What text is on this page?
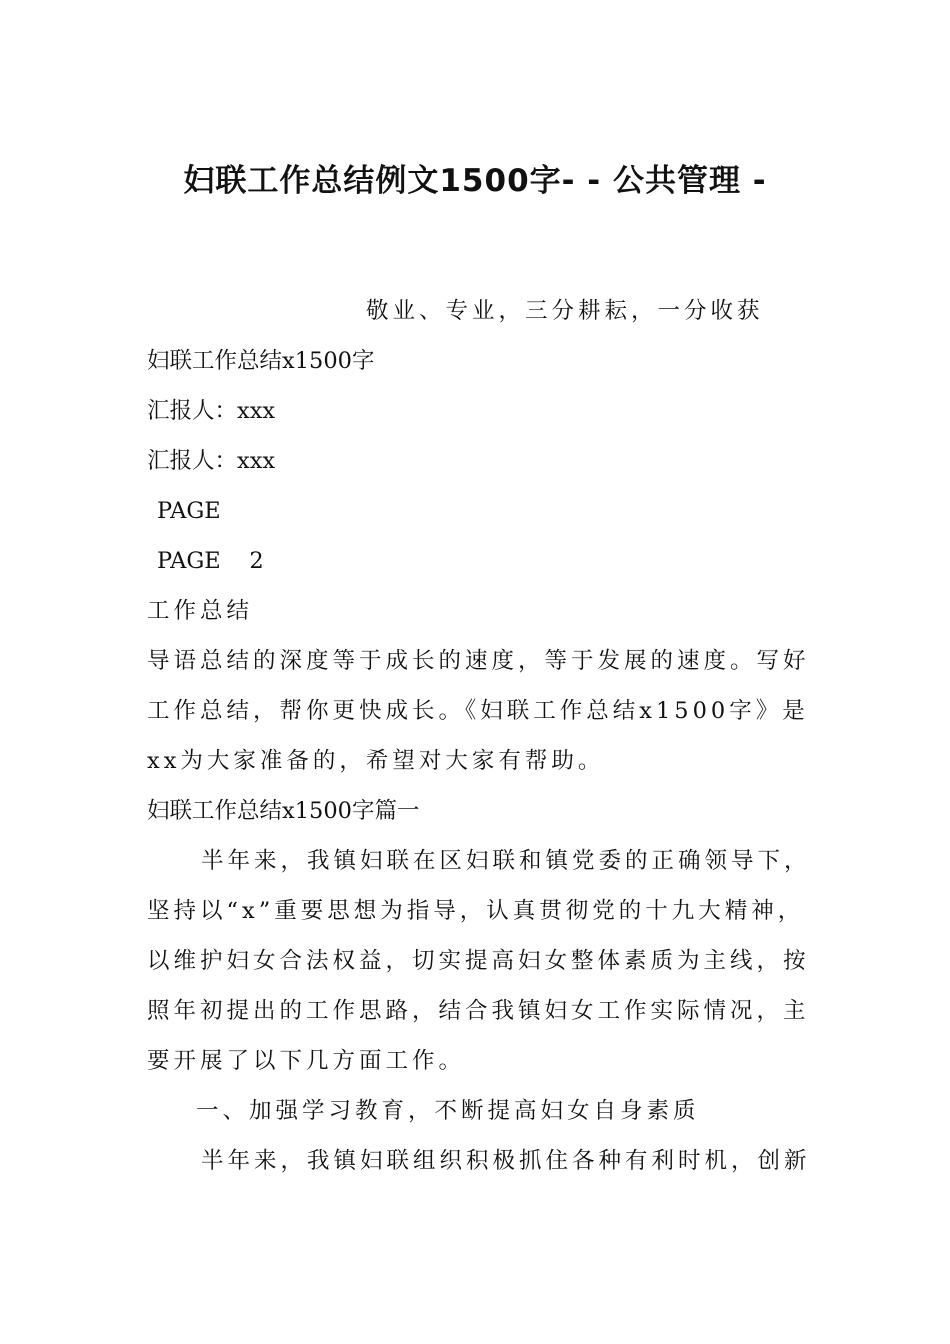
妇联工作总结例文1500字- - 公共管理 -

敬业、专业，三分耕耘，一分收获

妇联工作总结x1500字

汇报人：xxx

汇报人：xxx

PAGE

PAGE    2

工作总结

导语总结的深度等于成长的速度，等于发展的速度。写好

工作总结，帮你更快成长。《妇联工作总结x1500字》是

xx为大家准备的，希望对大家有帮助。

妇联工作总结x1500字篇一

半年来，我镇妇联在区妇联和镇党委的正确领导下，

坚持以“x”重要思想为指导，认真贯彻党的十九大精神，

以维护妇女合法权益，切实提高妇女整体素质为主线，按

照年初提出的工作思路，结合我镇妇女工作实际情况，主

要开展了以下几方面工作。

一、加强学习教育，不断提高妇女自身素质

半年来，我镇妇联组织积极抓住各种有利时机，创新
